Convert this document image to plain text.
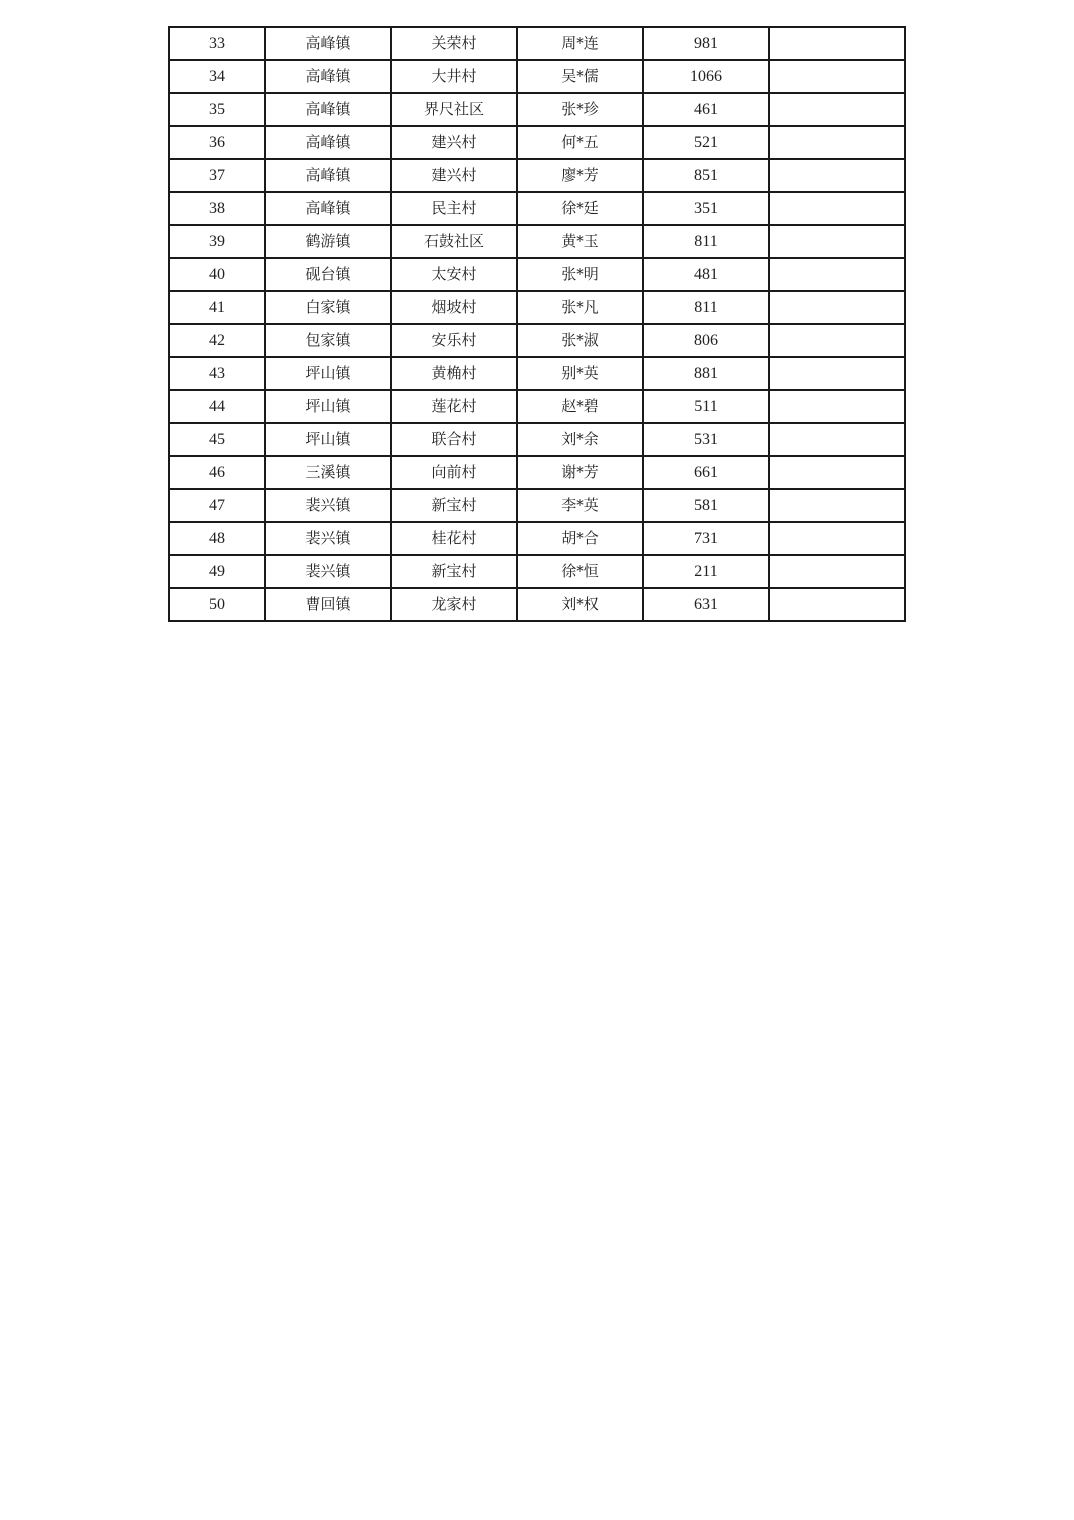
33	高峰镇	关荣村	周*连	981	
34	高峰镇	大井村	吴*儒	1066	
35	高峰镇	界尺社区	张*珍	461	
36	高峰镇	建兴村	何*五	521	
37	高峰镇	建兴村	廖*芳	851	
38	高峰镇	民主村	徐*廷	351	
39	鹤游镇	石鼓社区	黄*玉	811	
40	砚台镇	太安村	张*明	481	
41	白家镇	烟坡村	张*凡	811	
42	包家镇	安乐村	张*淑	806	
43	坪山镇	黄桷村	别*英	881	
44	坪山镇	莲花村	赵*碧	511	
45	坪山镇	联合村	刘*余	531	
46	三溪镇	向前村	谢*芳	661	
47	裴兴镇	新宝村	李*英	581	
48	裴兴镇	桂花村	胡*合	731	
49	裴兴镇	新宝村	徐*恒	211	
50	曹回镇	龙家村	刘*权	631	
